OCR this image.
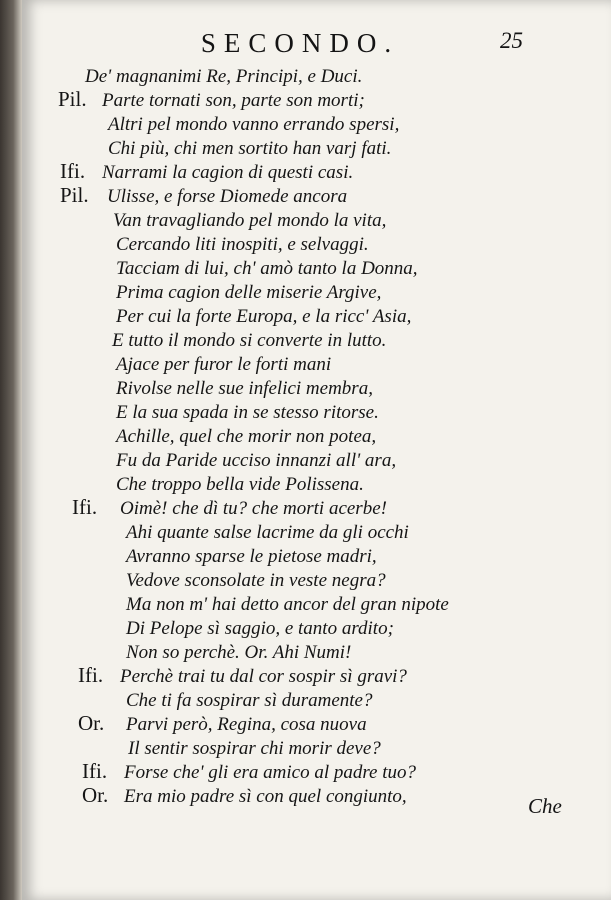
SECONDO.	25
De' magnanimi Re, Principi, e Duci.
Pil. Parte tornati son, parte son morti;
Altri pel mondo vanno errando spersi,
Chi più, chi men sortito han varj fati.
Ifi. Narrami la cagion di questi casi.
Pil. Ulisse, e forse Diomede ancora
Van travagliando pel mondo la vita,
Cercando liti inospiti, e selvaggi.
Tacciam di lui, ch' amò tanto la Donna,
Prima cagion delle miserie Argive,
Per cui la forte Europa, e la ricc' Asia,
E tutto il mondo si converte in lutto.
Ajace per furor le forti mani
Rivolse nelle sue infelici membra,
E la sua spada in se stesso ritorse.
Achille, quel che morir non potea,
Fu da Paride ucciso innanzi all' ara,
Che troppo bella vide Polissena.
Ifi. Oimè! che dì tu? che morti acerbe!
Ahi quante salse lacrime da gli occhi
Avranno sparse le pietose madri,
Vedove sconsolate in veste negra?
Ma non m' hai detto ancor del gran nipote
Di Pelope sì saggio, e tanto ardito;
Non so perchè. Or. Ahi Numi!
Ifi. Perchè trai tu dal cor sospir sì gravi?
Che ti fa sospirar sì duramente?
Or. Parvi però, Regina, cosa nuova
Il sentir sospirar chi morir deve?
Ifi. Forse che' gli era amico al padre tuo?
Or. Era mio padre sì con quel congiunto,	Che
